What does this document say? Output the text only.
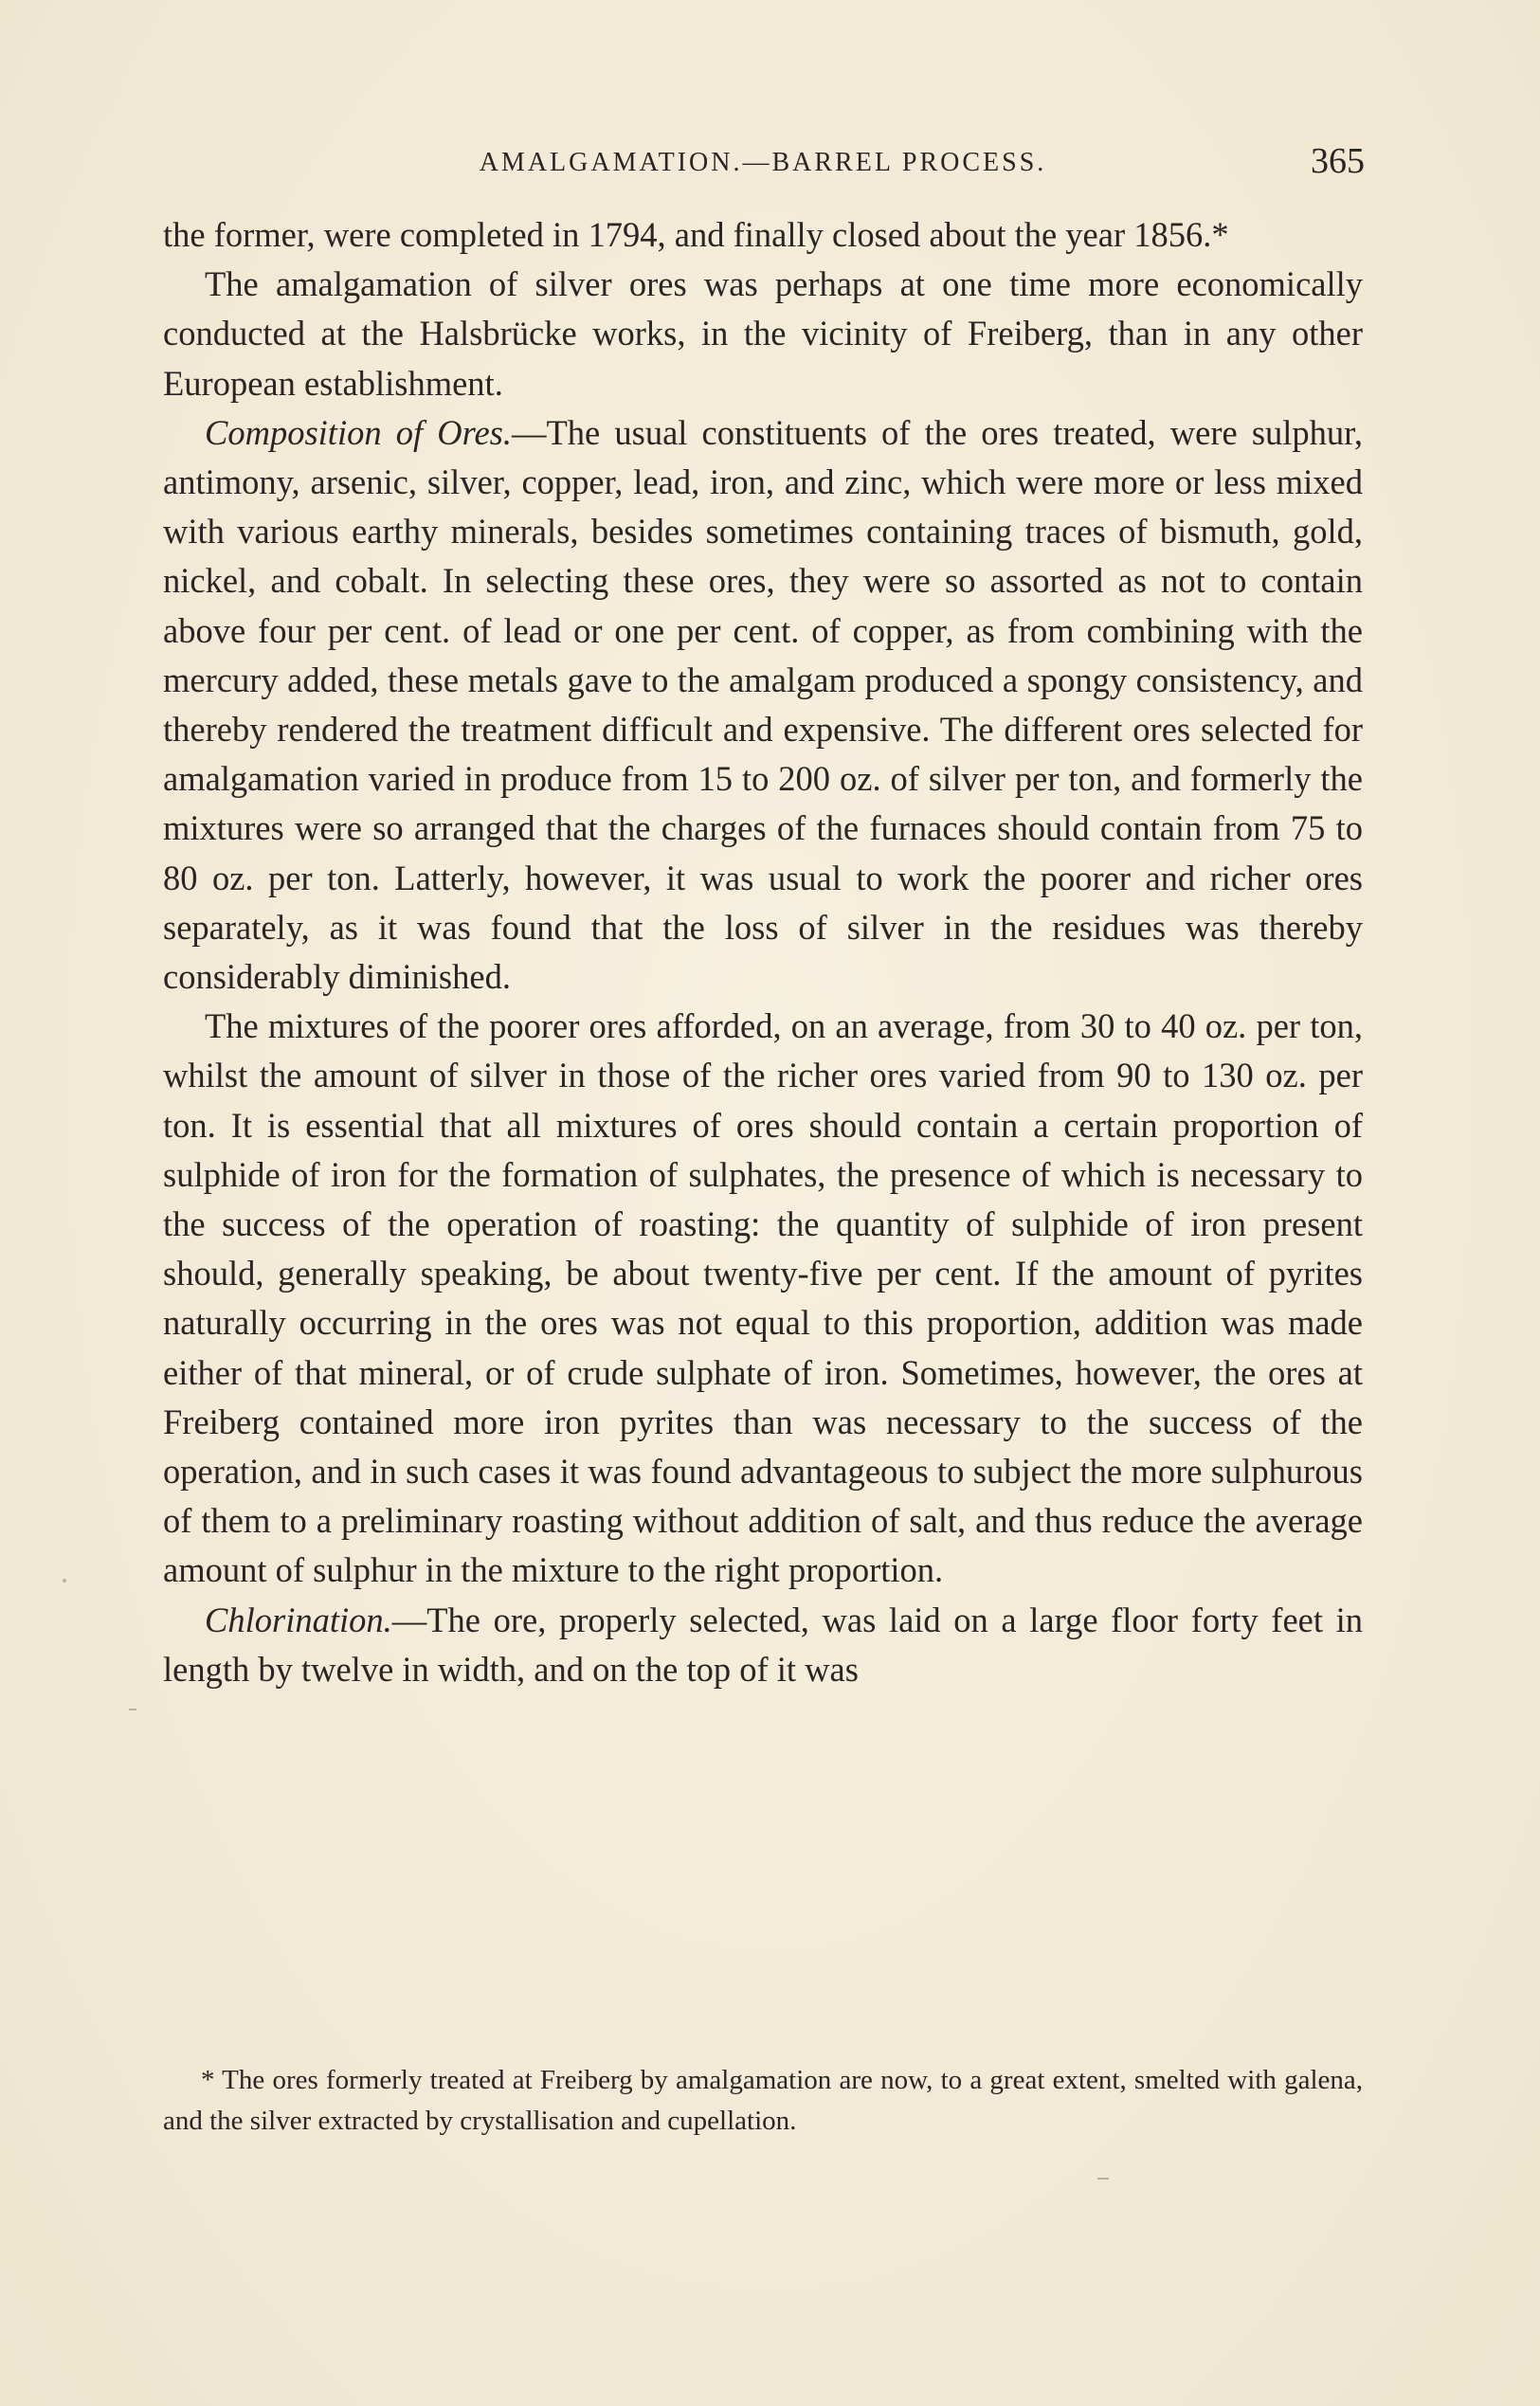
AMALGAMATION.—BARREL PROCESS.	365

the former, were completed in 1794, and finally closed about the year 1856.*

The amalgamation of silver ores was perhaps at one time more economically conducted at the Halsbrücke works, in the vicinity of Freiberg, than in any other European establishment.

Composition of Ores.—The usual constituents of the ores treated, were sulphur, antimony, arsenic, silver, copper, lead, iron, and zinc, which were more or less mixed with various earthy minerals, besides sometimes containing traces of bismuth, gold, nickel, and cobalt. In selecting these ores, they were so assorted as not to contain above four per cent. of lead or one per cent. of copper, as from combining with the mercury added, these metals gave to the amalgam produced a spongy consistency, and thereby rendered the treatment difficult and expensive. The different ores selected for amalgamation varied in produce from 15 to 200 oz. of silver per ton, and formerly the mixtures were so arranged that the charges of the furnaces should contain from 75 to 80 oz. per ton. Latterly, however, it was usual to work the poorer and richer ores separately, as it was found that the loss of silver in the residues was thereby considerably diminished.

The mixtures of the poorer ores afforded, on an average, from 30 to 40 oz. per ton, whilst the amount of silver in those of the richer ores varied from 90 to 130 oz. per ton. It is essential that all mixtures of ores should contain a certain proportion of sulphide of iron for the formation of sulphates, the presence of which is necessary to the success of the operation of roasting: the quantity of sulphide of iron present should, generally speaking, be about twenty-five per cent. If the amount of pyrites naturally occurring in the ores was not equal to this proportion, addition was made either of that mineral, or of crude sulphate of iron. Sometimes, however, the ores at Freiberg contained more iron pyrites than was necessary to the success of the operation, and in such cases it was found advantageous to subject the more sulphurous of them to a preliminary roasting without addition of salt, and thus reduce the average amount of sulphur in the mixture to the right proportion.

Chlorination.—The ore, properly selected, was laid on a large floor forty feet in length by twelve in width, and on the top of it was

* The ores formerly treated at Freiberg by amalgamation are now, to a great extent, smelted with galena, and the silver extracted by crystallisation and cupellation.
